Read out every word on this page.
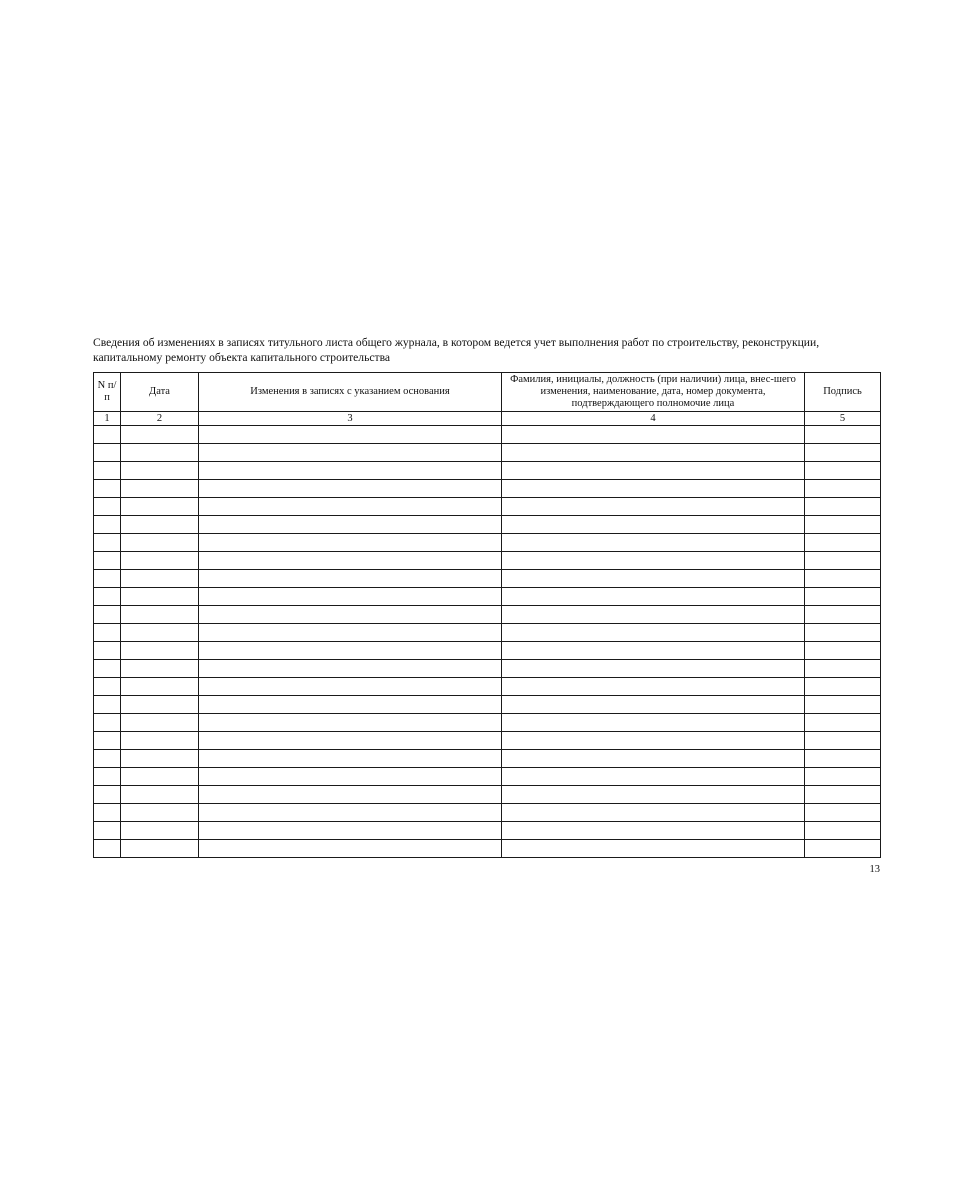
Сведения об изменениях в записях титульного листа общего журнала, в котором ведется учет выполнения работ по строительству, реконструкции,
капитальному ремонту объекта капитального строительства
N п/п	Дата	Изменения в записях с указанием основания	Фамилия, инициалы, должность (при наличии) лица, внес-шего изменения, наименование, дата, номер документа, подтверждающего полномочие лица	Подпись
1	2	3	4	5

13
